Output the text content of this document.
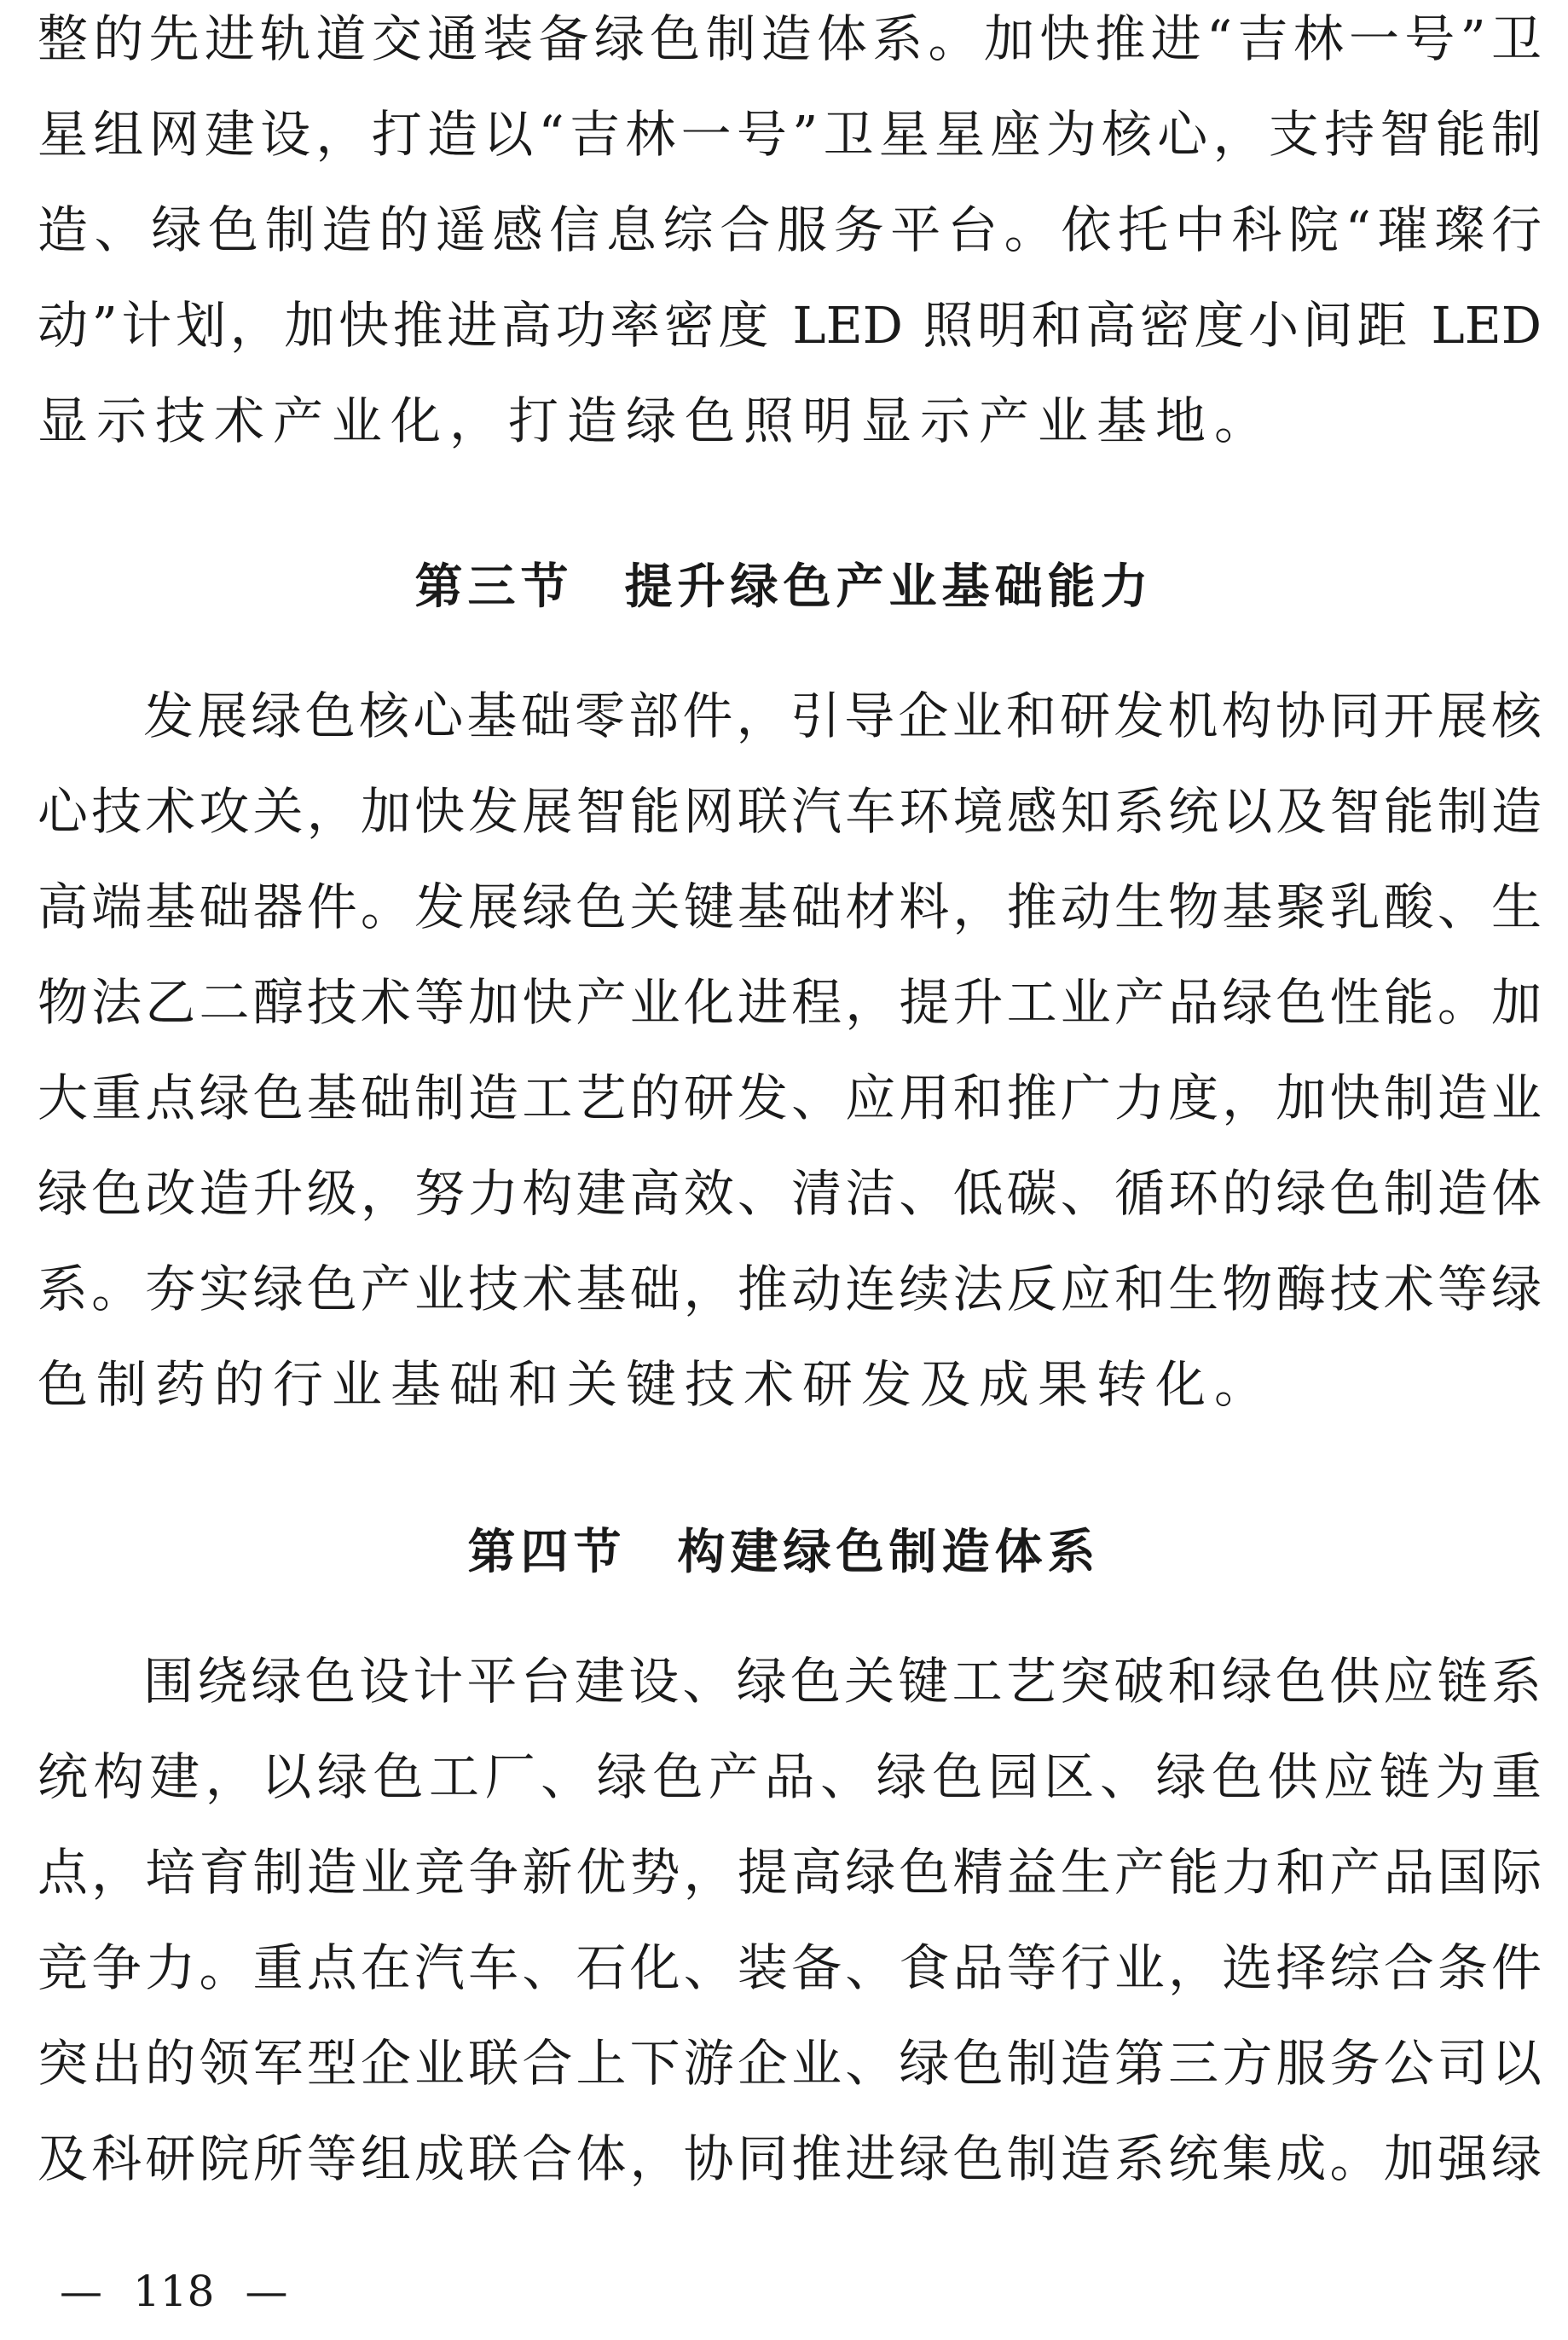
整的先进轨道交通装备绿色制造体系。加快推进“吉林一号”卫
星组网建设，打造以“吉林一号”卫星星座为核心，支持智能制
造、绿色制造的遥感信息综合服务平台。依托中科院“璀璨行
动”计划，加快推进高功率密度 LED 照明和高密度小间距 LED
显示技术产业化，打造绿色照明显示产业基地。
第三节 提升绿色产业基础能力
发展绿色核心基础零部件，引导企业和研发机构协同开展核
心技术攻关，加快发展智能网联汽车环境感知系统以及智能制造
高端基础器件。发展绿色关键基础材料，推动生物基聚乳酸、生
物法乙二醇技术等加快产业化进程，提升工业产品绿色性能。加
大重点绿色基础制造工艺的研发、应用和推广力度，加快制造业
绿色改造升级，努力构建高效、清洁、低碳、循环的绿色制造体
系。夯实绿色产业技术基础，推动连续法反应和生物酶技术等绿
色制药的行业基础和关键技术研发及成果转化。
第四节 构建绿色制造体系
围绕绿色设计平台建设、绿色关键工艺突破和绿色供应链系
统构建，以绿色工厂、绿色产品、绿色园区、绿色供应链为重
点，培育制造业竞争新优势，提高绿色精益生产能力和产品国际
竞争力。重点在汽车、石化、装备、食品等行业，选择综合条件
突出的领军型企业联合上下游企业、绿色制造第三方服务公司以
及科研院所等组成联合体，协同推进绿色制造系统集成。加强绿
— 118 —
